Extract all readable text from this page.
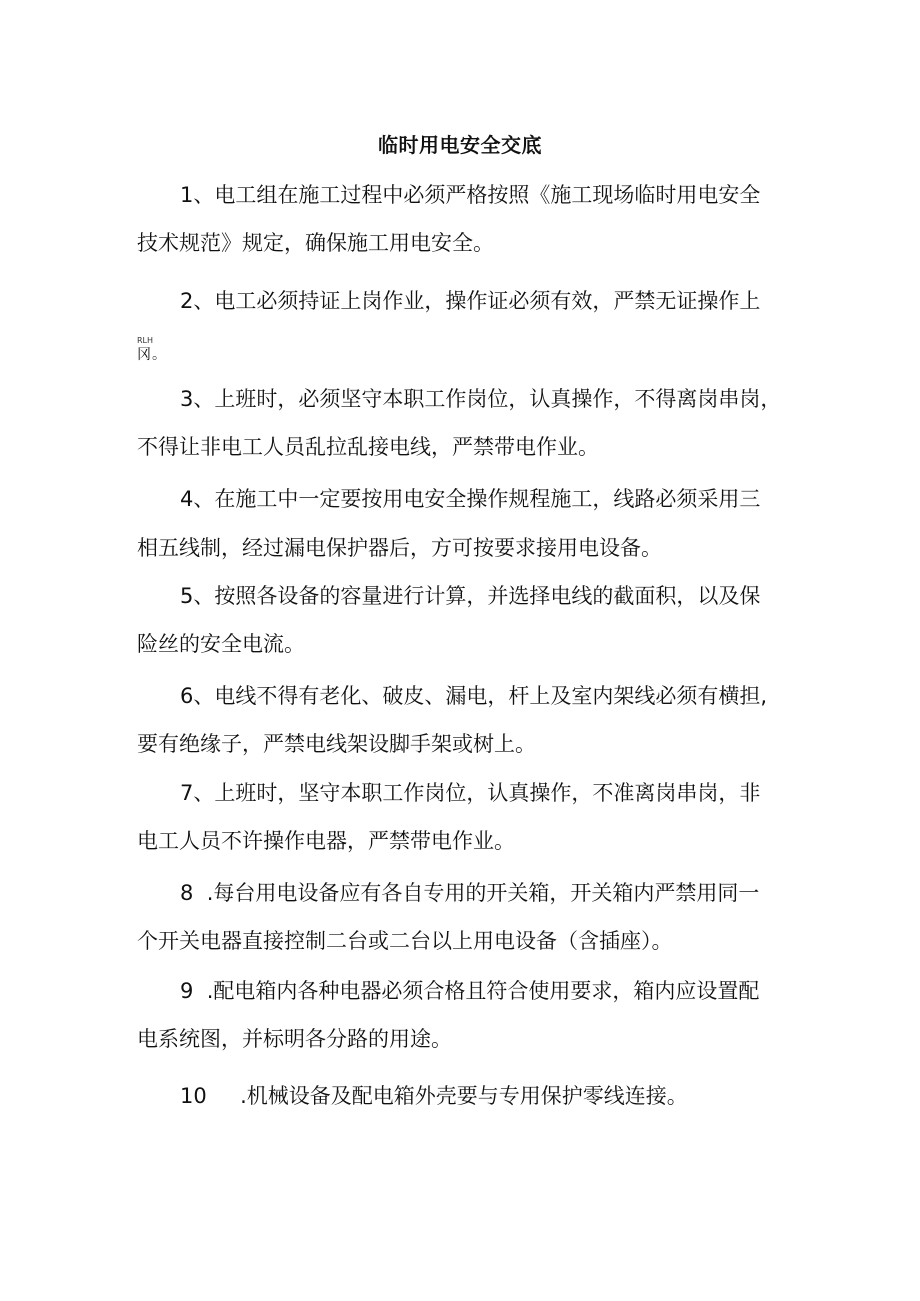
临时用电安全交底
1、电工组在施工过程中必须严格按照《施工现场临时用电安全
技术规范》规定，确保施工用电安全。
2、电工必须持证上岗作业，操作证必须有效，严禁无证操作上
RLH
冈。
3、上班时，必须坚守本职工作岗位，认真操作，不得离岗串岗，
不得让非电工人员乱拉乱接电线，严禁带电作业。
4、在施工中一定要按用电安全操作规程施工，线路必须采用三
相五线制，经过漏电保护器后，方可按要求接用电设备。
5、按照各设备的容量进行计算，并选择电线的截面积，以及保
险丝的安全电流。
6、电线不得有老化、破皮、漏电，杆上及室内架线必须有横担,
要有绝缘子，严禁电线架设脚手架或树上。
7、上班时，坚守本职工作岗位，认真操作，不准离岗串岗，非
电工人员不许操作电器，严禁带电作业。
8  .每台用电设备应有各自专用的开关箱，开关箱内严禁用同一
个开关电器直接控制二台或二台以上用电设备（含插座）。
9  .配电箱内各种电器必须合格且符合使用要求，箱内应设置配
电系统图，并标明各分路的用途。
10     .机械设备及配电箱外壳要与专用保护零线连接。
